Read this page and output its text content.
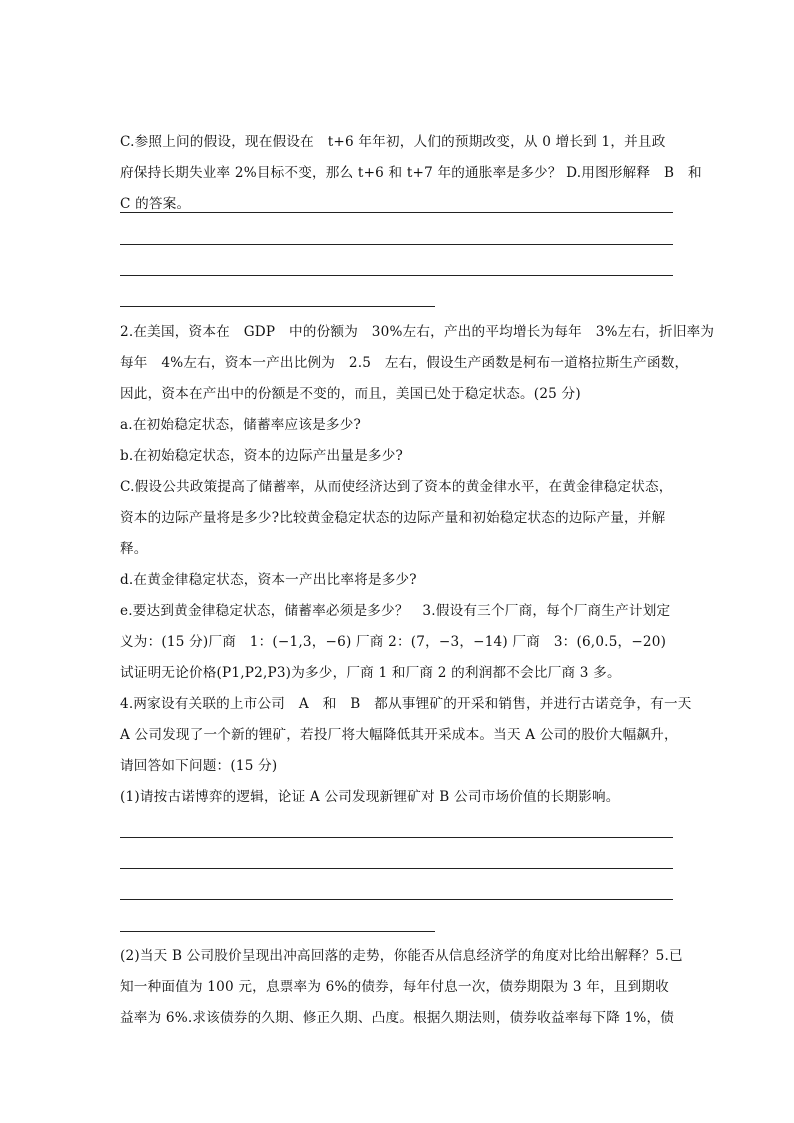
C.参照上问的假设，现在假设在　t+6 年年初，人们的预期改变，从 0 增长到 1，并且政
府保持长期失业率 2%目标不变，那么 t+6 和 t+7 年的通胀率是多少？ D.用图形解释　B　和
C 的答案。
2.在美国，资本在　GDP　中的份额为　30%左右，产出的平均增长为每年　3%左右，折旧率为
每年　4%左右，资本一产出比例为　2.5　左右，假设生产函数是柯布一道格拉斯生产函数，
因此，资本在产出中的份额是不变的，而且，美国已处于稳定状态。(25 分)
a.在初始稳定状态，储蓄率应该是多少?
b.在初始稳定状态，资本的边际产出量是多少?
C.假设公共政策提高了储蓄率，从而使经济达到了资本的黄金律水平，在黄金律稳定状态，
资本的边际产量将是多少?比较黄金稳定状态的边际产量和初始稳定状态的边际产量，并解
释。
d.在黄金律稳定状态，资本一产出比率将是多少?
e.要达到黄金律稳定状态，储蓄率必须是多少？　3.假设有三个厂商，每个厂商生产计划定
义为：(15 分)厂商　1：(−1,3，−6) 厂商 2：(7，−3，−14) 厂商　3：(6,0.5，−20)
试证明无论价格(P1,P2,P3)为多少，厂商 1 和厂商 2 的利润都不会比厂商 3 多。
4.两家设有关联的上市公司　A　和　B　都从事锂矿的开采和销售，并进行古诺竞争，有一天
A 公司发现了一个新的锂矿，若投厂将大幅降低其开采成本。当天 A 公司的股价大幅飙升，
请回答如下问题：(15 分)
(1)请按古诺博弈的逻辑，论证 A 公司发现新锂矿对 B 公司市场价值的长期影响。
(2)当天 B 公司股价呈现出冲高回落的走势，你能否从信息经济学的角度对比给出解释？5.已
知一种面值为 100 元，息票率为 6%的债券，每年付息一次，债券期限为 3 年，且到期收
益率为 6%.求该债券的久期、修正久期、凸度。根据久期法则，债券收益率每下降 1%，债
